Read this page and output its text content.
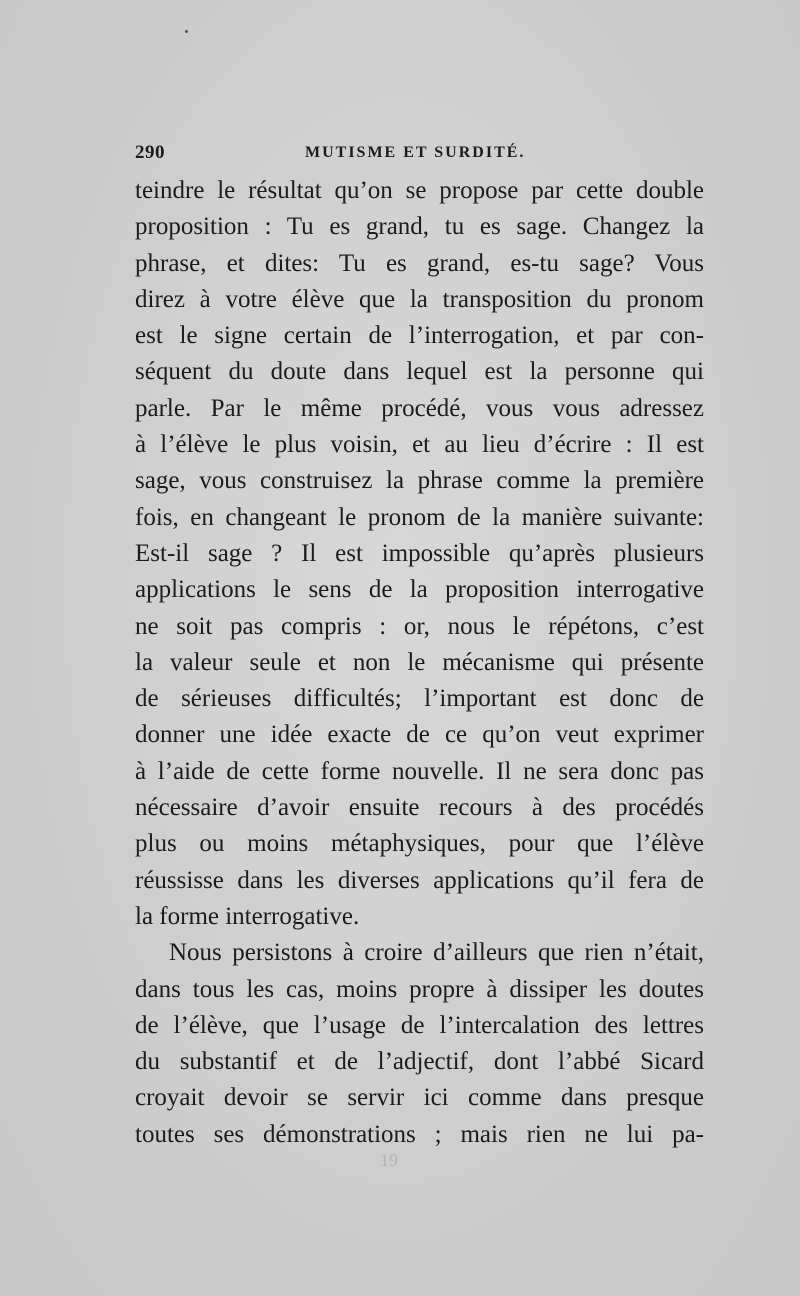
290	MUTISME ET SURDITÉ.
teindre le résultat qu’on se propose par cette double
proposition : Tu es grand, tu es sage. Changez la
phrase, et dites: Tu es grand, es-tu sage? Vous
direz à votre élève que la transposition du pronom
est le signe certain de l’interrogation, et par con-
séquent du doute dans lequel est la personne qui
parle. Par le même procédé, vous vous adressez
à l’élève le plus voisin, et au lieu d’écrire : Il est
sage, vous construisez la phrase comme la première
fois, en changeant le pronom de la manière suivante:
Est-il sage ? Il est impossible qu’après plusieurs
applications le sens de la proposition interrogative
ne soit pas compris : or, nous le répétons, c’est
la valeur seule et non le mécanisme qui présente
de sérieuses difficultés; l’important est donc de
donner une idée exacte de ce qu’on veut exprimer
à l’aide de cette forme nouvelle. Il ne sera donc pas
nécessaire d’avoir ensuite recours à des procédés
plus ou moins métaphysiques, pour que l’élève
réussisse dans les diverses applications qu’il fera de
la forme interrogative.
Nous persistons à croire d’ailleurs que rien n’était,
dans tous les cas, moins propre à dissiper les doutes
de l’élève, que l’usage de l’intercalation des lettres
du substantif et de l’adjectif, dont l’abbé Sicard
croyait devoir se servir ici comme dans presque
toutes ses démonstrations ; mais rien ne lui pa-
19
